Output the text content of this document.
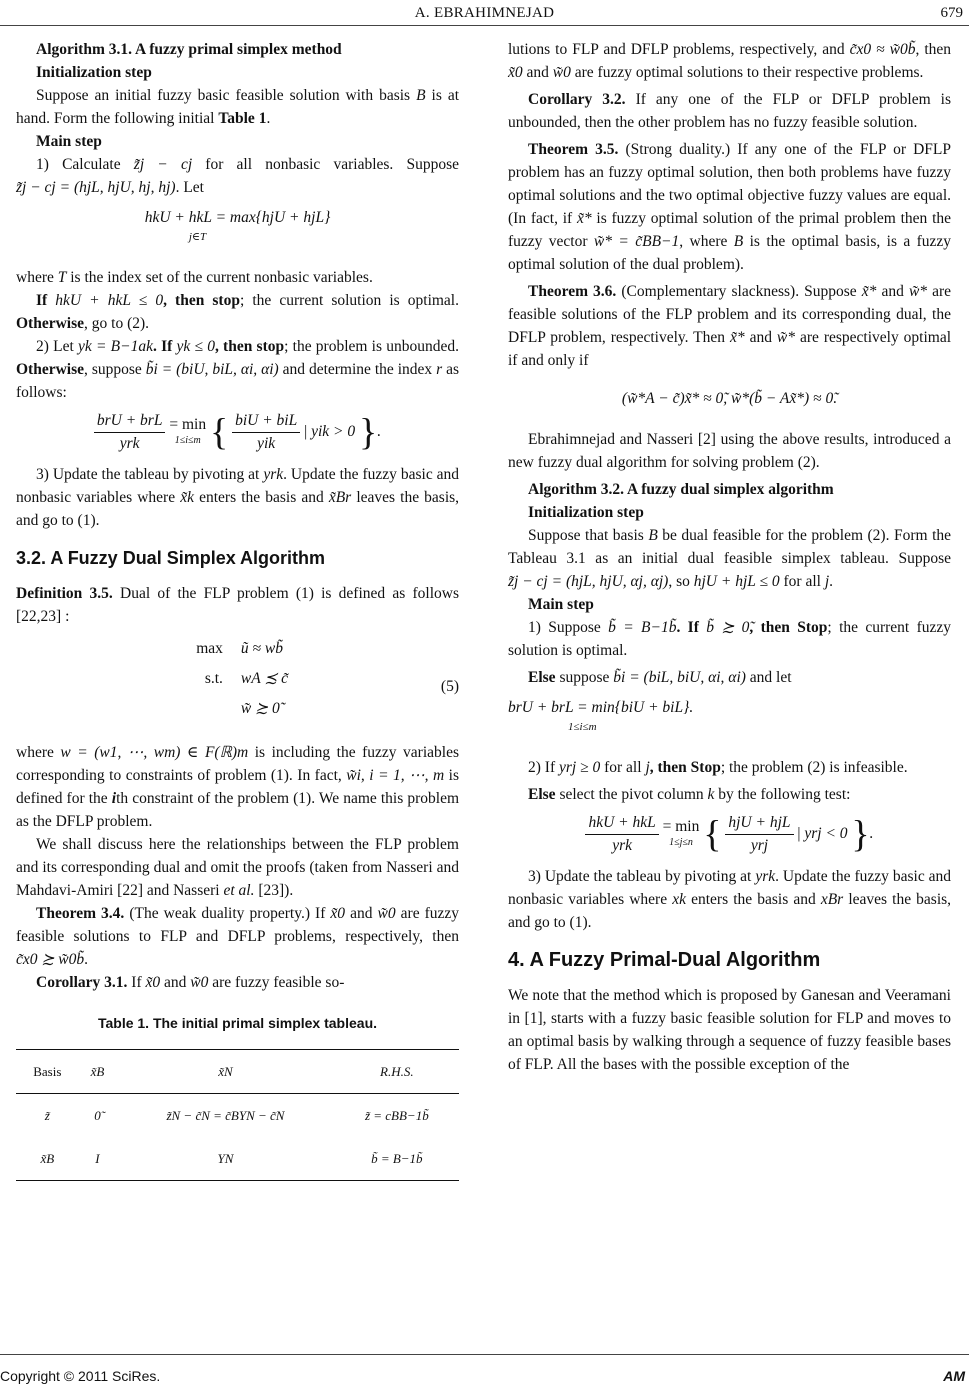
A. EBRAHIMNEJAD	679

Algorithm 3.1. A fuzzy primal simplex method

Initialization step

Suppose an initial fuzzy basic feasible solution with basis B is at hand. Form the following initial Table 1.

Main step

1) Calculate z̃j − cj for all nonbasic variables. Suppose z̃j − cj = (hjL, hjU, hj, hj). Let

hkU + hkL = max{hjU + hjL}
$^{j\in T}$

where T is the index set of the current nonbasic variables.

If hkU + hkL ≤ 0, then stop; the current solution is optimal. Otherwise, go to (2).

2) Let yk = B−1ak. If yk ≤ 0, then stop; the problem is unbounded. Otherwise, suppose b̃i = (biU, biL, αi, αi) and determine the index r as follows:

$\frac{\text{brU + brL}}{\text{yrk}}$
= min
1≤i≤m { $\frac{\text{biU + biL}}{\text{yik}}$ | yik > 0 }.

3) Update the tableau by pivoting at yrk. Update the fuzzy basic and nonbasic variables where x̃k enters the basis and x̃Br leaves the basis, and go to (1).

3.2. A Fuzzy Dual Simplex Algorithm

Definition 3.5. Dual of the FLP problem (1) is defined as follows [22,23] :

max ũ ≈ wb̃
s.t. wA ≾ c̃
w̃ ≿ 0̃
(5)

where w = (w1, ⋯, wm) ∈ F(ℝ)m is including the fuzzy variables corresponding to constraints of problem (1). In fact, w̃i, i = 1, ⋯, m is defined for the ith constraint of the problem (1). We name this problem as the DFLP problem.

We shall discuss here the relationships between the FLP problem and its corresponding dual and omit the proofs (taken from Nasseri and Mahdavi-Amiri [22] and Nasseri et al. [23]).

Theorem 3.4. (The weak duality property.) If x̃0 and w̃0 are fuzzy feasible solutions to FLP and DFLP problems, respectively, then c̃x0 ≿ w̃0b̃.

Corollary 3.1. If x̃0 and w̃0 are fuzzy feasible so-

Table 1. The initial primal simplex tableau.
Basis	x̃B	x̃N	R.H.S.
z̃	0̃	z̃N − c̃N = c̃BYN − c̃N	z̃ = cBB−1b̃
x̃B	I	YN	b̃ = B−1b̃

lutions to FLP and DFLP problems, respectively, and c̃x0 ≈ w̃0b̃, then x̃0 and w̃0 are fuzzy optimal solutions to their respective problems.

Corollary 3.2. If any one of the FLP or DFLP problem is unbounded, then the other problem has no fuzzy feasible solution.

Theorem 3.5. (Strong duality.) If any one of the FLP or DFLP problem has an fuzzy optimal solution, then both problems have fuzzy optimal solutions and the two optimal objective fuzzy values are equal. (In fact, if x̃* is fuzzy optimal solution of the primal problem then the fuzzy vector w̃* = c̃BB−1, where B is the optimal basis, is a fuzzy optimal solution of the dual problem).

Theorem 3.6. (Complementary slackness). Suppose x̃* and w̃* are feasible solutions of the FLP problem and its corresponding dual, the DFLP problem, respectively. Then x̃* and w̃* are respectively optimal if and only if

(w̃*A − c̃)x̃* ≈ 0̃, w̃*(b̃ − Ax̃*) ≈ 0̃.

Ebrahimnejad and Nasseri [2] using the above results, introduced a new fuzzy dual algorithm for solving problem (2).

Algorithm 3.2. A fuzzy dual simplex algorithm

Initialization step

Suppose that basis B be dual feasible for the problem (2). Form the Tableau 3.1 as an initial dual feasible simplex tableau. Suppose z̃j − cj = (hjL, hjU, αj, αj), so hjU + hjL ≤ 0 for all j.

Main step

1) Suppose b̃ = B−1b̃. If b̃ ≿ 0̃, then Stop; the current fuzzy solution is optimal.

Else suppose b̃i = (biL, biU, αi, αi) and let

brU + brL = min{biU + biL}.
$^{1\le i\le m}$

2) If yrj ≥ 0 for all j, then Stop; the problem (2) is infeasible.

Else select the pivot column k by the following test:

$\frac{\text{hkU + hkL}}{\text{yrk}}$
= min
1≤j≤n { $\frac{\text{hjU + hjL}}{\text{yrj}}$ | yrj < 0 }.

3) Update the tableau by pivoting at yrk. Update the fuzzy basic and nonbasic variables where xk enters the basis and xBr leaves the basis, and go to (1).

4. A Fuzzy Primal-Dual Algorithm

We note that the method which is proposed by Ganesan and Veeramani in [1], starts with a fuzzy basic feasible solution for FLP and moves to an optimal basis by walking through a sequence of fuzzy feasible bases of FLP. All the bases with the possible exception of the

Copyright © 2011 SciRes.	AM
